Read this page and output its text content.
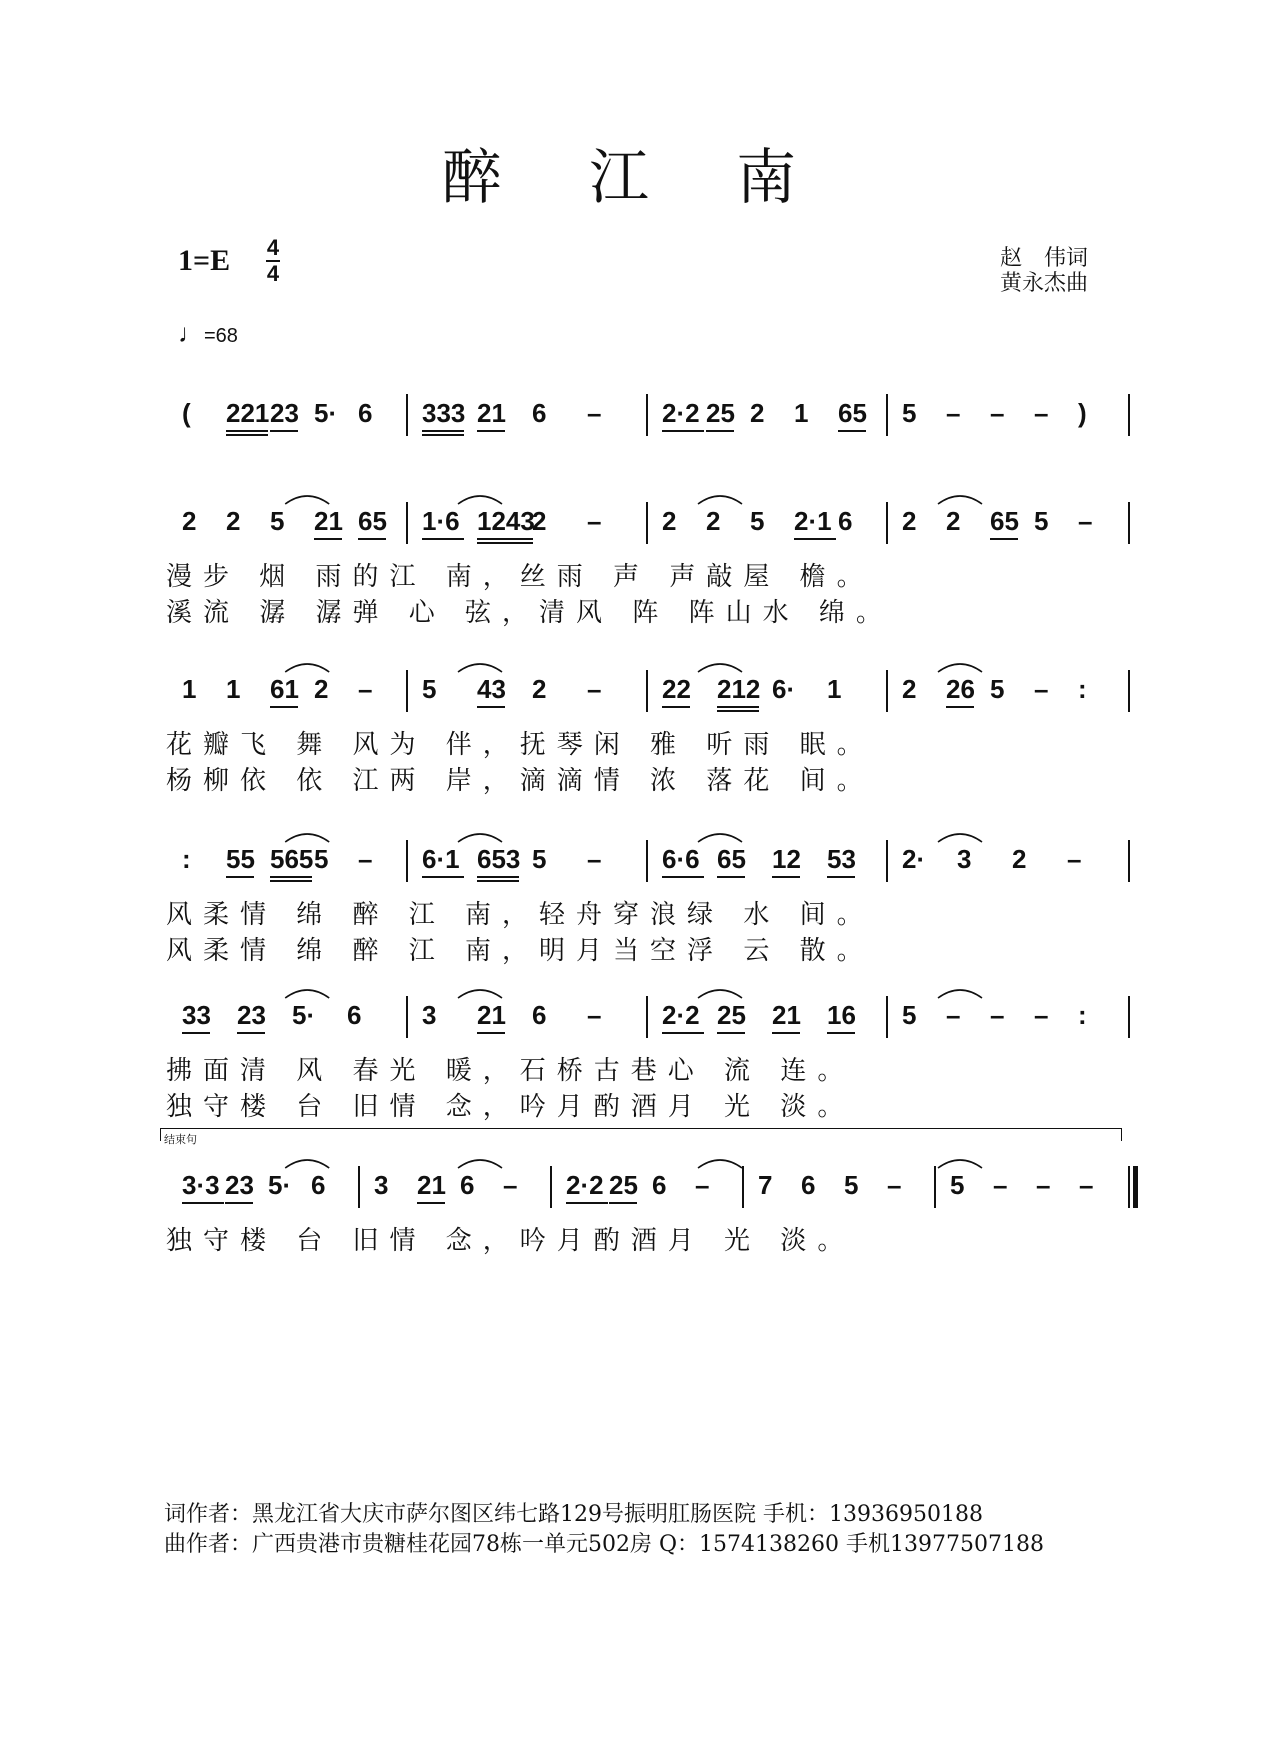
醉 江 南
1=E 4
4
♩=68
赵　伟词
黄永杰曲
( 221 23 5· 6 333 21 6 – 2·2 25 2 1 65 5 – – – )
2 2 5 21 65 1·6 1243
2 – 2 2 5 2·1 6 2 2 65 5 –
漫步 烟 雨的江 南，丝雨 声 声敲屋 檐。
溪流 潺 潺弹 心 弦，清风 阵 阵山水 绵。
1 1 61 2 – 5 43 2 – 22 212 6· 1 2 26 5 – :
花瓣飞 舞 风为 伴，抚琴闲 雅 听雨 眠。
杨柳依 依 江两 岸，滴滴情 浓 落花 间。
: 55 565 5 – 6·1 653 5 – 6·6 65 12 53 2· 3 2 –
风柔情 绵 醉 江 南，轻舟穿浪绿 水 间。
风柔情 绵 醉 江 南，明月当空浮 云 散。
33 23 5· 6 3 21 6 – 2·2 25 21 16 5 – – – :
拂面清 风 春光 暖，石桥古巷心 流 连。
独守楼 台 旧情 念，吟月酌酒月 光 淡。
3·3 23 5· 6 3 21 6 – 2·2 25 6 – 7 6 5 – 5 – – –
独守楼 台 旧情 念，吟月酌酒月 光 淡。
结束句
词作者：黑龙江省大庆市萨尔图区纬七路129号振明肛肠医院 手机：13936950188
曲作者：广西贵港市贵糖桂花园78栋一单元502房 Q：1574138260 手机13977507188
